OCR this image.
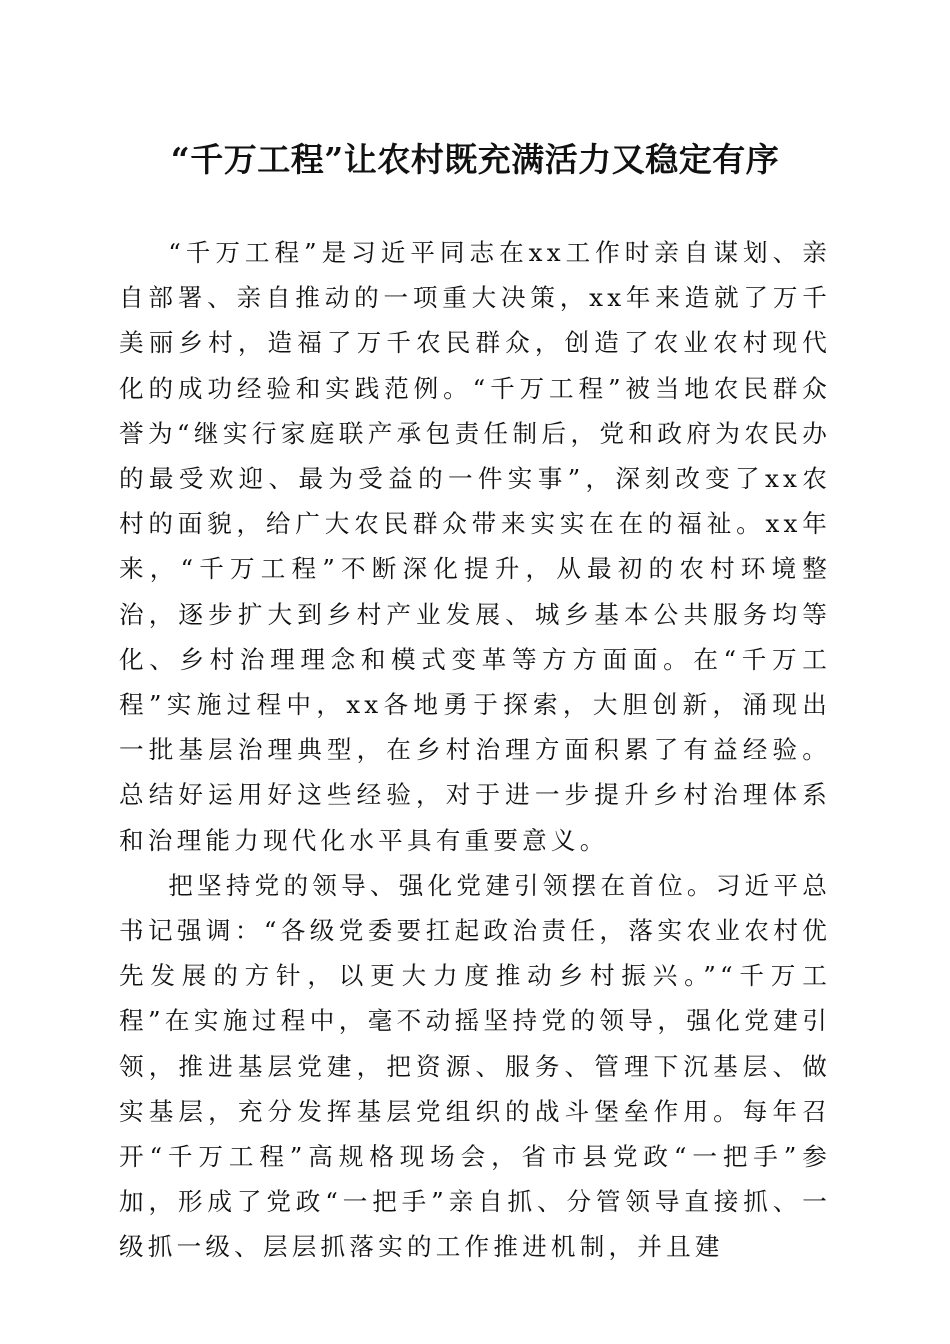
“千万工程”让农村既充满活力又稳定有序

“千万工程”是习近平同志在xx工作时亲自谋划、亲自部署、亲自推动的一项重大决策，xx年来造就了万千美丽乡村，造福了万千农民群众，创造了农业农村现代化的成功经验和实践范例。“千万工程”被当地农民群众誉为“继实行家庭联产承包责任制后，党和政府为农民办的最受欢迎、最为受益的一件实事”，深刻改变了xx农村的面貌，给广大农民群众带来实实在在的福祉。xx年来，“千万工程”不断深化提升，从最初的农村环境整治，逐步扩大到乡村产业发展、城乡基本公共服务均等化、乡村治理理念和模式变革等方方面面。在“千万工程”实施过程中，xx各地勇于探索，大胆创新，涌现出一批基层治理典型，在乡村治理方面积累了有益经验。总结好运用好这些经验，对于进一步提升乡村治理体系和治理能力现代化水平具有重要意义。

把坚持党的领导、强化党建引领摆在首位。习近平总书记强调：“各级党委要扛起政治责任，落实农业农村优先发展的方针，以更大力度推动乡村振兴。”“千万工程”在实施过程中，毫不动摇坚持党的领导，强化党建引领，推进基层党建，把资源、服务、管理下沉基层、做实基层，充分发挥基层党组织的战斗堡垒作用。每年召开“千万工程”高规格现场会，省市县党政“一把手”参加，形成了党政“一把手”亲自抓、分管领导直接抓、一级抓一级、层层抓落实的工作推进机制，并且建
